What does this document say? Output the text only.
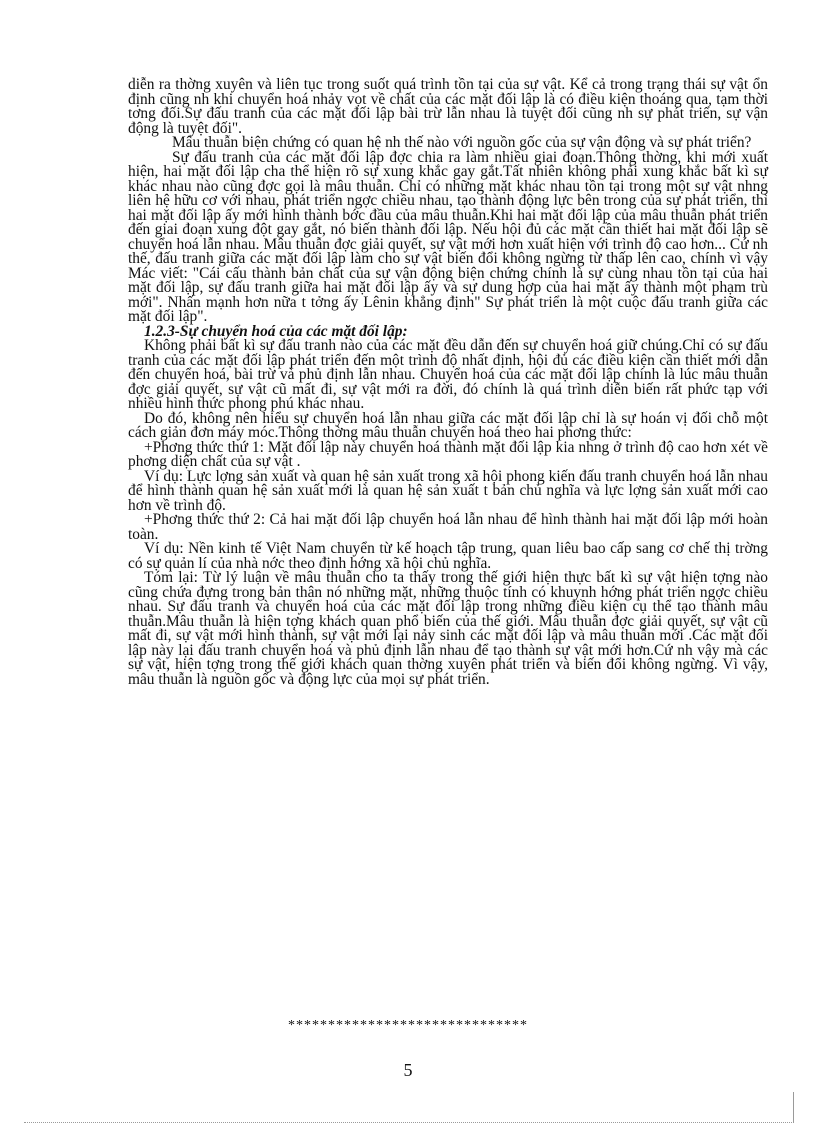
diễn ra thờng xuyên và liên tục trong suốt quá trình tồn tại của sự vật. Kể cả trong trạng thái sự vật ổn định cũng nh khi chuyển hoá nhảy vọt về chất của các mặt đối lập là có điều kiện thoáng qua, tạm thời tơng đối.Sự đấu tranh của các mặt đối lập bài trừ lẫn nhau là tuyệt đối cũng nh sự phát triển, sự vận động là tuyệt đối".

Mâu thuẫn biện chứng có quan hệ nh thế nào với nguồn gốc của sự vận động và sự phát triển?

Sự đấu tranh của các mặt đối lập đợc chia ra làm nhiều giai đoạn.Thông thờng, khi mới xuất hiện, hai mặt đối lập cha thể hiện rõ sự xung khắc gay gắt.Tất nhiên không phải xung khắc bất kì sự khác nhau nào cũng đợc gọi là mâu thuẫn. Chỉ có những mặt khác nhau tồn tại trong một sự vật nhng liên hệ hữu cơ với nhau, phát triển ngợc chiều nhau, tạo thành động lực bên trong của sự phát triển, thì hai mặt đối lập ấy mới hình thành bớc đầu của mâu thuẫn.Khi hai mặt đối lập của mâu thuẫn phát triển đến giai đoạn xung đột gay gắt, nó biến thành đối lập. Nếu hội đủ các mặt cần thiết hai mặt đối lập sẽ chuyển hoá lẫn nhau. Mâu thuẫn đợc giải quyết, sự vật mới hơn xuất hiện với trình độ cao hơn... Cứ nh thế, đấu tranh giữa các mặt đối lập làm cho sự vật biến đổi không ngừng từ thấp lên cao, chính vì vậy Mác viết: "Cái cấu thành bản chất của sự vận động biện chứng chính là sự cùng nhau tồn tại của hai mặt đối lập, sự đấu tranh giữa hai mặt đối lập ấy và sự dung hợp của hai mặt ấy thành một phạm trù mới". Nhấn mạnh hơn nữa t tởng ấy Lênin khẳng định" Sự phát triển là một cuộc đấu tranh giữa các mặt đối lập".

1.2.3-Sự chuyển hoá của các mặt đối lập:

Không phải bất kì sự đấu tranh nào của các mặt đều dẫn đến sự chuyển hoá giữ chúng.Chỉ có sự đấu tranh của các mặt đối lập phát triển đến một trình độ nhất định, hội đủ các điều kiện cần thiết mới dẫn đến chuyển hoá, bài trừ và phủ định lẫn nhau. Chuyển hoá của các mặt đối lập chính là lúc mâu thuẫn đợc giải quyết, sự vật cũ mất đi, sự vật mới ra đời, đó chính là quá trình diễn biến rất phức tạp với nhiều hình thức phong phú khác nhau.

Do đó, không nên hiểu sự chuyển hoá lẫn nhau giữa các mặt đối lập chỉ là sự hoán vị đối chỗ một cách giản đơn máy móc.Thông thờng mâu thuẫn chuyển hoá theo hai phơng thức:

+Phơng thức thứ 1: Mặt đối lập này chuyển hoá thành mặt đối lập kia nhng ở trình độ cao hơn xét về phơng diện chất của sự vật .

Ví dụ: Lực lợng sản xuất và quan hệ sản xuất trong xã hội phong kiến đấu tranh chuyển hoá lẫn nhau để hình thành quan hệ sản xuất mới là quan hệ sản xuất t bản chủ nghĩa và lực lợng sản xuất mới cao hơn về trình độ.

+Phơng thức thứ 2: Cả hai mặt đối lập chuyển hoá lẫn nhau để hình thành hai mặt đối lập mới hoàn toàn.

Ví dụ: Nền kinh tế Việt Nam chuyển từ kế hoạch tập trung, quan liêu bao cấp sang cơ chế thị trờng có sự quản lí của nhà nớc theo định hớng xã hội chủ nghĩa.

Tóm lại: Từ lý luận về mâu thuẫn cho ta thấy trong thế giới hiện thực bất kì sự vật hiện tợng nào cũng chứa đựng trong bản thân nó những mặt, những thuộc tính có khuynh hớng phát triển ngợc chiều nhau. Sự đấu tranh và chuyển hoá của các mặt đối lập trong những điều kiện cụ thể tạo thành mâu thuẫn.Mâu thuẫn là hiện tợng khách quan phổ biến của thế giới. Mâu thuẫn đợc giải quyết, sự vật cũ mất đi, sự vật mới hình thành, sự vật mới lại nảy sinh các mặt đối lập và mâu thuẫn mới .Các mặt đối lập này lại đấu tranh chuyển hoá và phủ định lẫn nhau để tạo thành sự vật mới hơn.Cứ nh vậy mà các sự vật, hiện tợng trong thế giới khách quan thờng xuyên phát triển và biến đổi không ngừng. Vì vậy, mâu thuẫn là nguồn gốc và động lực của mọi sự phát triển.

******************************
5
